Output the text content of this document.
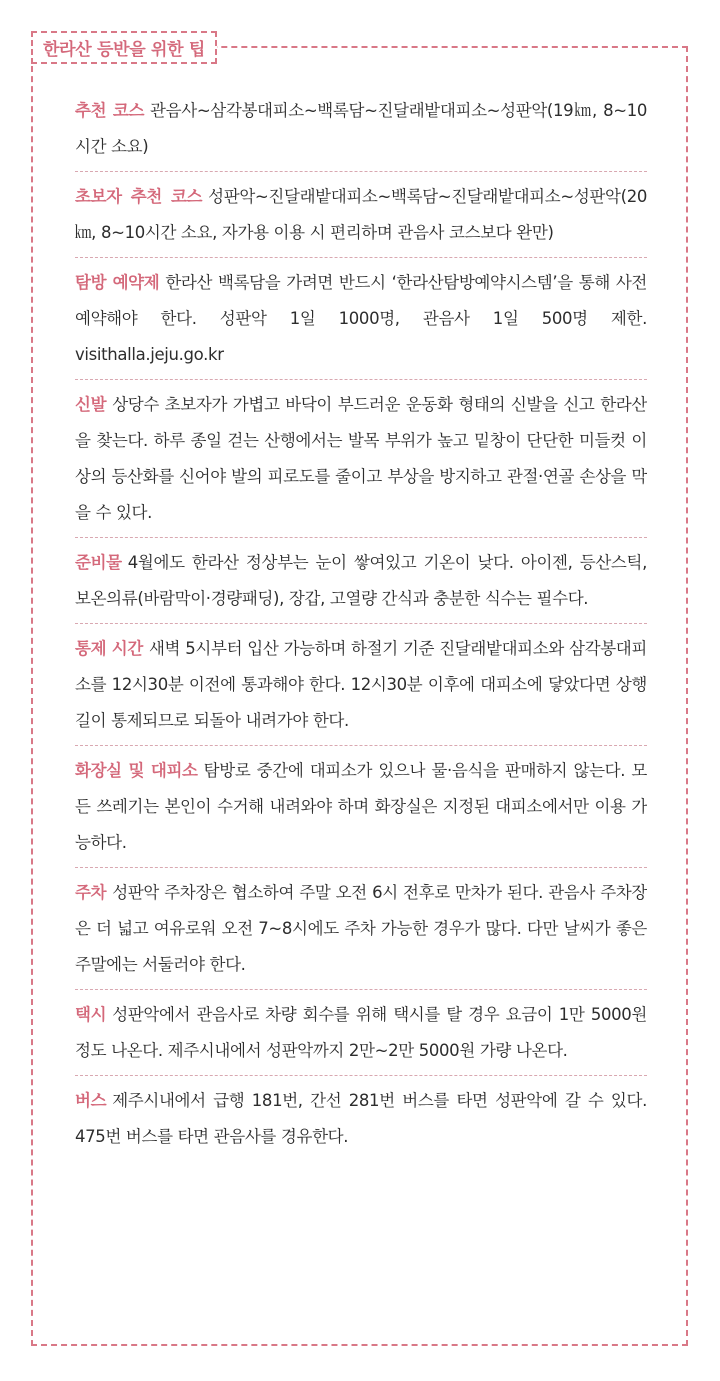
한라산 등반을 위한 팁
추천 코스 관음사~삼각봉대피소~백록담~진달래밭대피소~성판악(19㎞, 8~10시간 소요)
초보자 추천 코스 성판악~진달래밭대피소~백록담~진달래밭대피소~성판악(20㎞, 8~10시간 소요, 자가용 이용 시 편리하며 관음사 코스보다 완만)
탐방 예약제 한라산 백록담을 가려면 반드시 ‘한라산탐방예약시스템’을 통해 사전예약해야 한다. 성판악 1일 1000명, 관음사 1일 500명 제한. visithalla.jeju.go.kr
신발 상당수 초보자가 가볍고 바닥이 부드러운 운동화 형태의 신발을 신고 한라산을 찾는다. 하루 종일 걷는 산행에서는 발목 부위가 높고 밑창이 단단한 미들컷 이상의 등산화를 신어야 발의 피로도를 줄이고 부상을 방지하고 관절·연골 손상을 막을 수 있다.
준비물 4월에도 한라산 정상부는 눈이 쌓여있고 기온이 낮다. 아이젠, 등산스틱, 보온의류(바람막이·경량패딩), 장갑, 고열량 간식과 충분한 식수는 필수다.
통제 시간 새벽 5시부터 입산 가능하며 하절기 기준 진달래밭대피소와 삼각봉대피소를 12시30분 이전에 통과해야 한다. 12시30분 이후에 대피소에 닿았다면 상행길이 통제되므로 되돌아 내려가야 한다.
화장실 및 대피소 탐방로 중간에 대피소가 있으나 물·음식을 판매하지 않는다. 모든 쓰레기는 본인이 수거해 내려와야 하며 화장실은 지정된 대피소에서만 이용 가능하다.
주차 성판악 주차장은 협소하여 주말 오전 6시 전후로 만차가 된다. 관음사 주차장은 더 넓고 여유로워 오전 7~8시에도 주차 가능한 경우가 많다. 다만 날씨가 좋은 주말에는 서둘러야 한다.
택시 성판악에서 관음사로 차량 회수를 위해 택시를 탈 경우 요금이 1만 5000원 정도 나온다. 제주시내에서 성판악까지 2만~2만 5000원 가량 나온다.
버스 제주시내에서 급행 181번, 간선 281번 버스를 타면 성판악에 갈 수 있다. 475번 버스를 타면 관음사를 경유한다.
